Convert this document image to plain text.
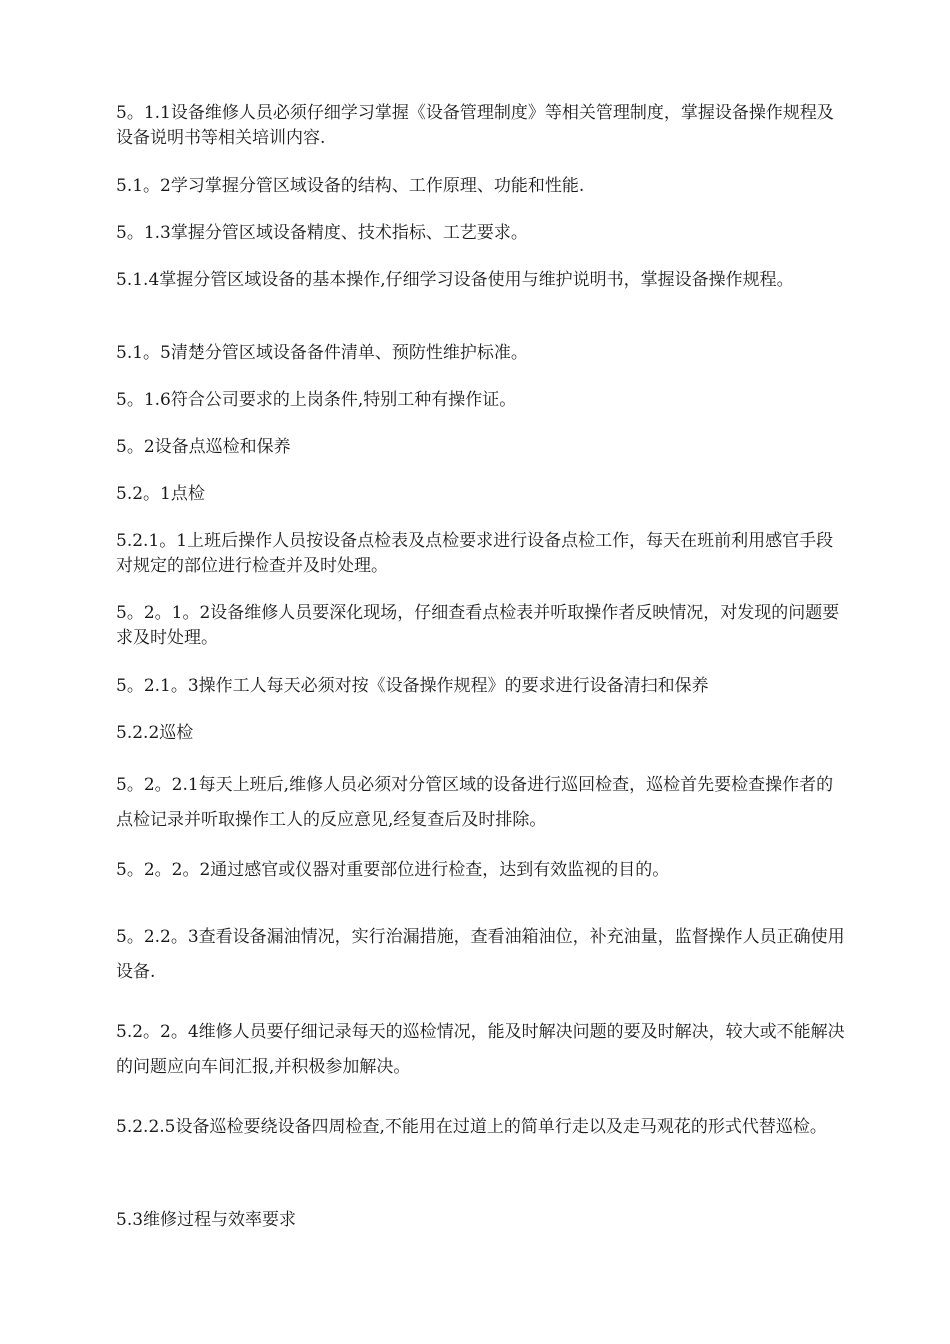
5。1.1设备维修人员必须仔细学习掌握《设备管理制度》等相关管理制度，掌握设备操作规程及设备说明书等相关培训内容.

5.1。2学习掌握分管区域设备的结构、工作原理、功能和性能.

5。1.3掌握分管区域设备精度、技术指标、工艺要求。

5.1.4掌握分管区域设备的基本操作,仔细学习设备使用与维护说明书，掌握设备操作规程。

5.1。5清楚分管区域设备备件清单、预防性维护标准。

5。1.6符合公司要求的上岗条件,特别工种有操作证。

5。2设备点巡检和保养

5.2。1点检

5.2.1。1上班后操作人员按设备点检表及点检要求进行设备点检工作，每天在班前利用感官手段对规定的部位进行检查并及时处理。

5。2。1。2设备维修人员要深化现场，仔细查看点检表并听取操作者反映情况，对发现的问题要求及时处理。

5。2.1。3操作工人每天必须对按《设备操作规程》的要求进行设备清扫和保养

5.2.2巡检

5。2。2.1每天上班后,维修人员必须对分管区域的设备进行巡回检查，巡检首先要检查操作者的点检记录并听取操作工人的反应意见,经复查后及时排除。

5。2。2。2通过感官或仪器对重要部位进行检查，达到有效监视的目的。

5。2.2。3查看设备漏油情况，实行治漏措施，查看油箱油位，补充油量，监督操作人员正确使用设备.

5.2。2。4维修人员要仔细记录每天的巡检情况，能及时解决问题的要及时解决，较大或不能解决的问题应向车间汇报,并积极参加解决。

5.2.2.5设备巡检要绕设备四周检查,不能用在过道上的简单行走以及走马观花的形式代替巡检。

5.3维修过程与效率要求
